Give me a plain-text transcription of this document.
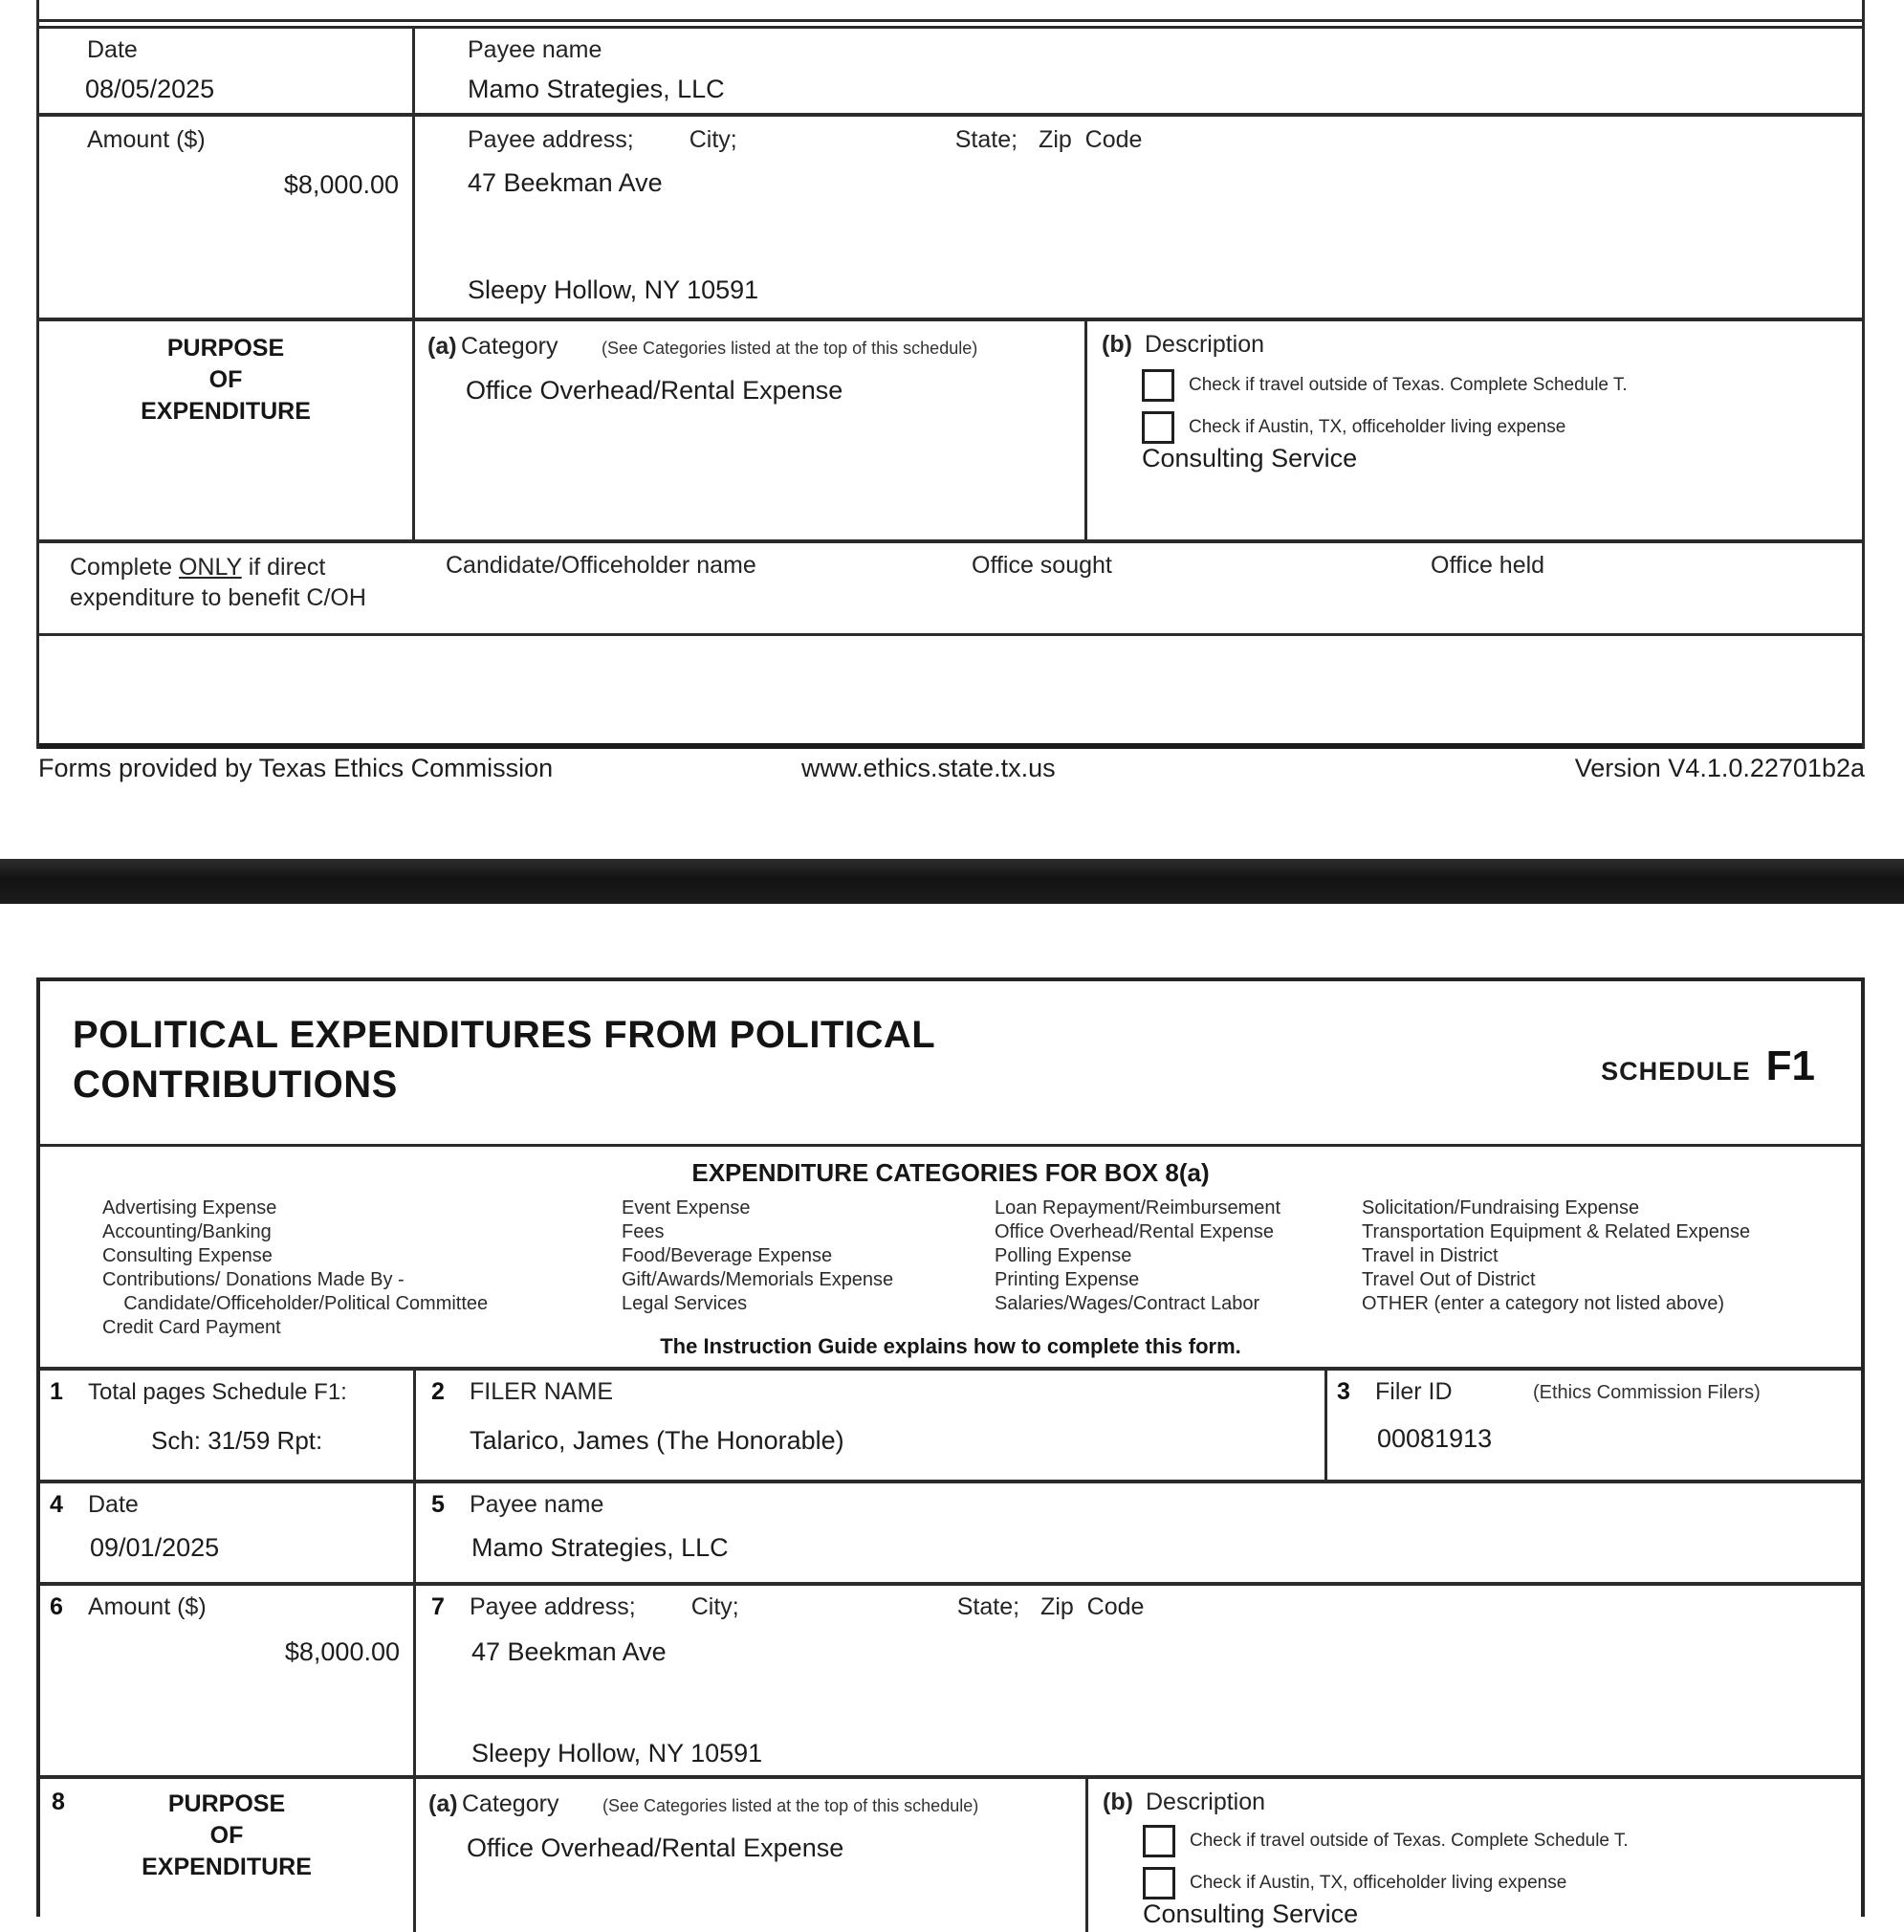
Date
08/05/2025
Payee name
Mamo Strategies, LLC
Amount ($)
$8,000.00
Payee address; City;	State; Zip  Code
47 Beekman Ave
Sleepy Hollow, NY 10591
PURPOSE
OF
EXPENDITURE
(a) Category	(See Categories listed at the top of this schedule)
Office Overhead/Rental Expense
(b) Description
Check if travel outside of Texas. Complete Schedule T.
Check if Austin, TX, officeholder living expense
Consulting Service
Complete ONLY if direct
expenditure to benefit C/OH
Candidate/Officeholder name	Office sought	Office held
Forms provided by Texas Ethics Commission	www.ethics.state.tx.us	Version V4.1.0.22701b2a
POLITICAL EXPENDITURES FROM POLITICAL
CONTRIBUTIONS	SCHEDULE F1
EXPENDITURE CATEGORIES FOR BOX 8(a)
Advertising Expense
Accounting/Banking
Consulting Expense
Contributions/ Donations Made By -
Candidate/Officeholder/Political Committee
Credit Card Payment
Event Expense
Fees
Food/Beverage Expense
Gift/Awards/Memorials Expense
Legal Services
Loan Repayment/Reimbursement
Office Overhead/Rental Expense
Polling Expense
Printing Expense
Salaries/Wages/Contract Labor
Solicitation/Fundraising Expense
Transportation Equipment & Related Expense
Travel in District
Travel Out of District
OTHER (enter a category not listed above)
The Instruction Guide explains how to complete this form.
1	Total pages Schedule F1:
Sch: 31/59 Rpt:
2	FILER NAME
Talarico, James (The Honorable)
3	Filer ID	(Ethics Commission Filers)
00081913
4	Date
09/01/2025
5	Payee name
Mamo Strategies, LLC
6	Amount ($)
$8,000.00
7	Payee address; City;	State; Zip  Code
47 Beekman Ave
Sleepy Hollow, NY 10591
8	PURPOSE
OF
EXPENDITURE
(a) Category	(See Categories listed at the top of this schedule)
Office Overhead/Rental Expense
(b) Description
Check if travel outside of Texas. Complete Schedule T.
Check if Austin, TX, officeholder living expense
Consulting Service
